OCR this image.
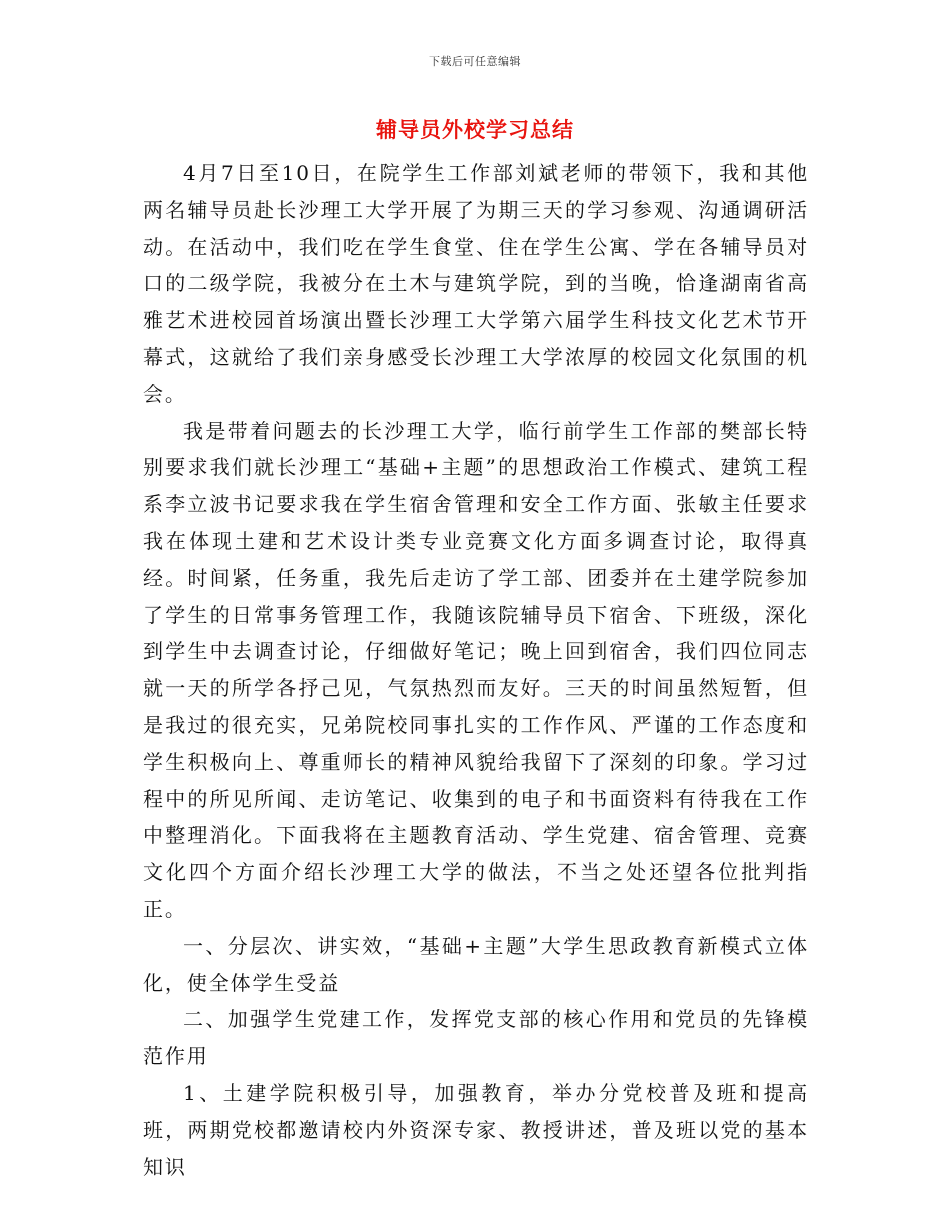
下载后可任意编辑
辅导员外校学习总结

4月7日至10日，在院学生工作部刘斌老师的带领下，我和其他两名辅导员赴长沙理工大学开展了为期三天的学习参观、沟通调研活动。在活动中，我们吃在学生食堂、住在学生公寓、学在各辅导员对口的二级学院，我被分在土木与建筑学院，到的当晚，恰逢湖南省高雅艺术进校园首场演出暨长沙理工大学第六届学生科技文化艺术节开幕式，这就给了我们亲身感受长沙理工大学浓厚的校园文化氛围的机会。

我是带着问题去的长沙理工大学，临行前学生工作部的樊部长特别要求我们就长沙理工“基础+主题”的思想政治工作模式、建筑工程系李立波书记要求我在学生宿舍管理和安全工作方面、张敏主任要求我在体现土建和艺术设计类专业竞赛文化方面多调查讨论，取得真经。时间紧，任务重，我先后走访了学工部、团委并在土建学院参加了学生的日常事务管理工作，我随该院辅导员下宿舍、下班级，深化到学生中去调查讨论，仔细做好笔记；晚上回到宿舍，我们四位同志就一天的所学各抒己见，气氛热烈而友好。三天的时间虽然短暂，但是我过的很充实，兄弟院校同事扎实的工作作风、严谨的工作态度和学生积极向上、尊重师长的精神风貌给我留下了深刻的印象。学习过程中的所见所闻、走访笔记、收集到的电子和书面资料有待我在工作中整理消化。下面我将在主题教育活动、学生党建、宿舍管理、竞赛文化四个方面介绍长沙理工大学的做法，不当之处还望各位批判指正。

一、分层次、讲实效，“基础+主题”大学生思政教育新模式立体化，使全体学生受益

二、加强学生党建工作，发挥党支部的核心作用和党员的先锋模范作用

1、土建学院积极引导，加强教育，举办分党校普及班和提高班，两期党校都邀请校内外资深专家、教授讲述，普及班以党的基本知识
